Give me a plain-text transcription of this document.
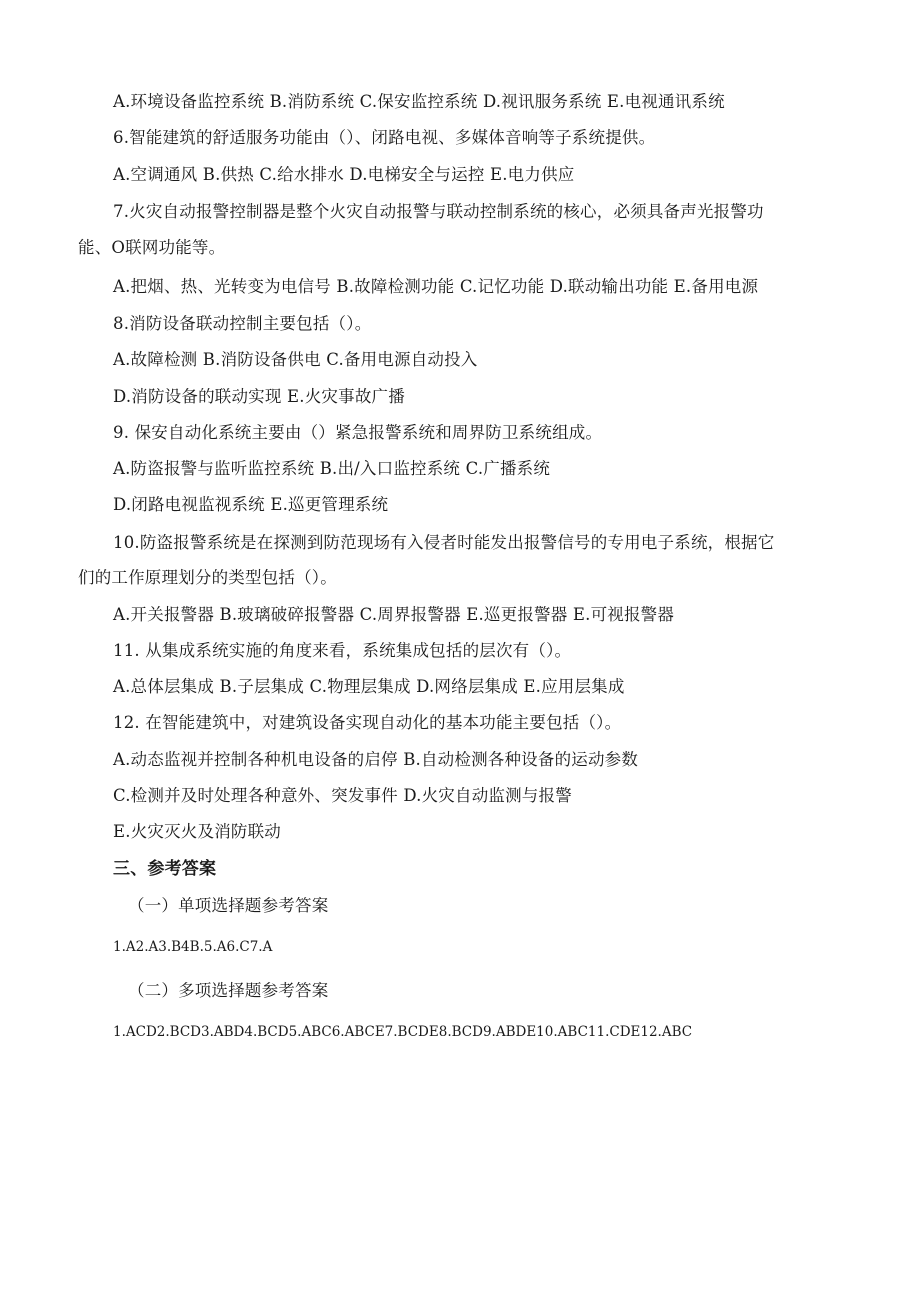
A.环境设备监控系统 B.消防系统 C.保安监控系统 D.视讯服务系统 E.电视通讯系统
6.智能建筑的舒适服务功能由（）、闭路电视、多媒体音响等子系统提供。
A.空调通风 B.供热 C.给水排水 D.电梯安全与运控 E.电力供应
7.火灾自动报警控制器是整个火灾自动报警与联动控制系统的核心，必须具备声光报警功
能、O联网功能等。
A.把烟、热、光转变为电信号 B.故障检测功能 C.记忆功能 D.联动输出功能 E.备用电源
8.消防设备联动控制主要包括（）。
A.故障检测 B.消防设备供电 C.备用电源自动投入
D.消防设备的联动实现 E.火灾事故广播
9. 保安自动化系统主要由（）紧急报警系统和周界防卫系统组成。
A.防盗报警与监听监控系统 B.出/入口监控系统 C.广播系统
D.闭路电视监视系统 E.巡更管理系统
10.防盗报警系统是在探测到防范现场有入侵者时能发出报警信号的专用电子系统，根据它
们的工作原理划分的类型包括（）。
A.开关报警器 B.玻璃破碎报警器 C.周界报警器 E.巡更报警器 E.可视报警器
11. 从集成系统实施的角度来看，系统集成包括的层次有（）。
A.总体层集成 B.子层集成 C.物理层集成 D.网络层集成 E.应用层集成
12. 在智能建筑中，对建筑设备实现自动化的基本功能主要包括（）。
A.动态监视并控制各种机电设备的启停 B.自动检测各种设备的运动参数
C.检测并及时处理各种意外、突发事件 D.火灾自动监测与报警
E.火灾灭火及消防联动
三、参考答案
（一）单项选择题参考答案
1.A2.A3.B4B.5.A6.C7.A
（二）多项选择题参考答案
1.ACD2.BCD3.ABD4.BCD5.ABC6.ABCE7.BCDE8.BCD9.ABDE10.ABC11.CDE12.ABC
